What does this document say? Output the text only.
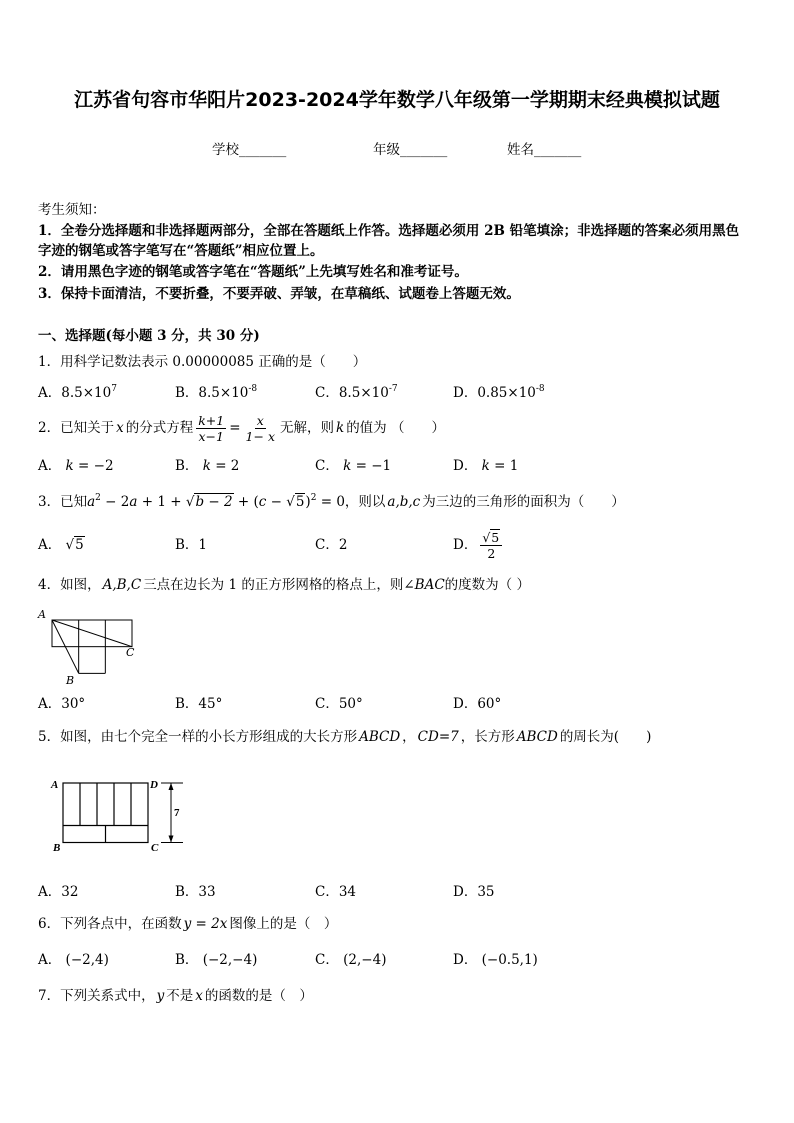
江苏省句容市华阳片2023-2024学年数学八年级第一学期期末经典模拟试题
学校_______	年级_______	姓名_______
考生须知：
1．全卷分选择题和非选择题两部分，全部在答题纸上作答。选择题必须用 2B 铅笔填涂；非选择题的答案必须用黑色
字迹的钢笔或答字笔写在“答题纸”相应位置上。
2．请用黑色字迹的钢笔或答字笔在“答题纸”上先填写姓名和准考证号。
3．保持卡面清洁，不要折叠，不要弄破、弄皱，在草稿纸、试题卷上答题无效。
一、选择题(每小题 3 分，共 30 分)
1．用科学记数法表示 0.00000085 正确的是（　　）
A．$8.5\times 10^7$	B．$8.5\times 10^{-8}$	C．$8.5\times 10^{-7}$	D．$0.85\times 10^{-8}$
2．已知关于 x 的分式方程 $\frac{k+1}{x-1} = \frac{x}{1- x}$ 无解，则 k 的值为 （　　）
A． k = −2	B． k = 2	C． k = −1	D． k = 1
3．已知$a^2 - 2a + 1 + √b - 2 + (c - √5)^2 = 0$，则以 a,b,c 为三边的三角形的面积为（　　）
A． √5	B．1	C．2	D． $\frac{√5}{2}$
4．如图， A,B,C 三点在边长为 1 的正方形网格的格点上，则∠BAC的度数为（ ）
A
C
B
A．30°	B．45°	C．50°	D．60°
5．如图，由七个完全一样的小长方形组成的大长方形 ABCD ， CD=7 ，长方形 ABCD 的周长为(　　)
A	D
B	C
7
A．32	B．33	C．34	D．35
6．下列各点中，在函数 y = 2x 图像上的是（　）
A． (−2,4)	B． (−2,−4)	C． (2,−4)	D． (−0.5,1)
7．下列关系式中， y 不是 x 的函数的是（　）
